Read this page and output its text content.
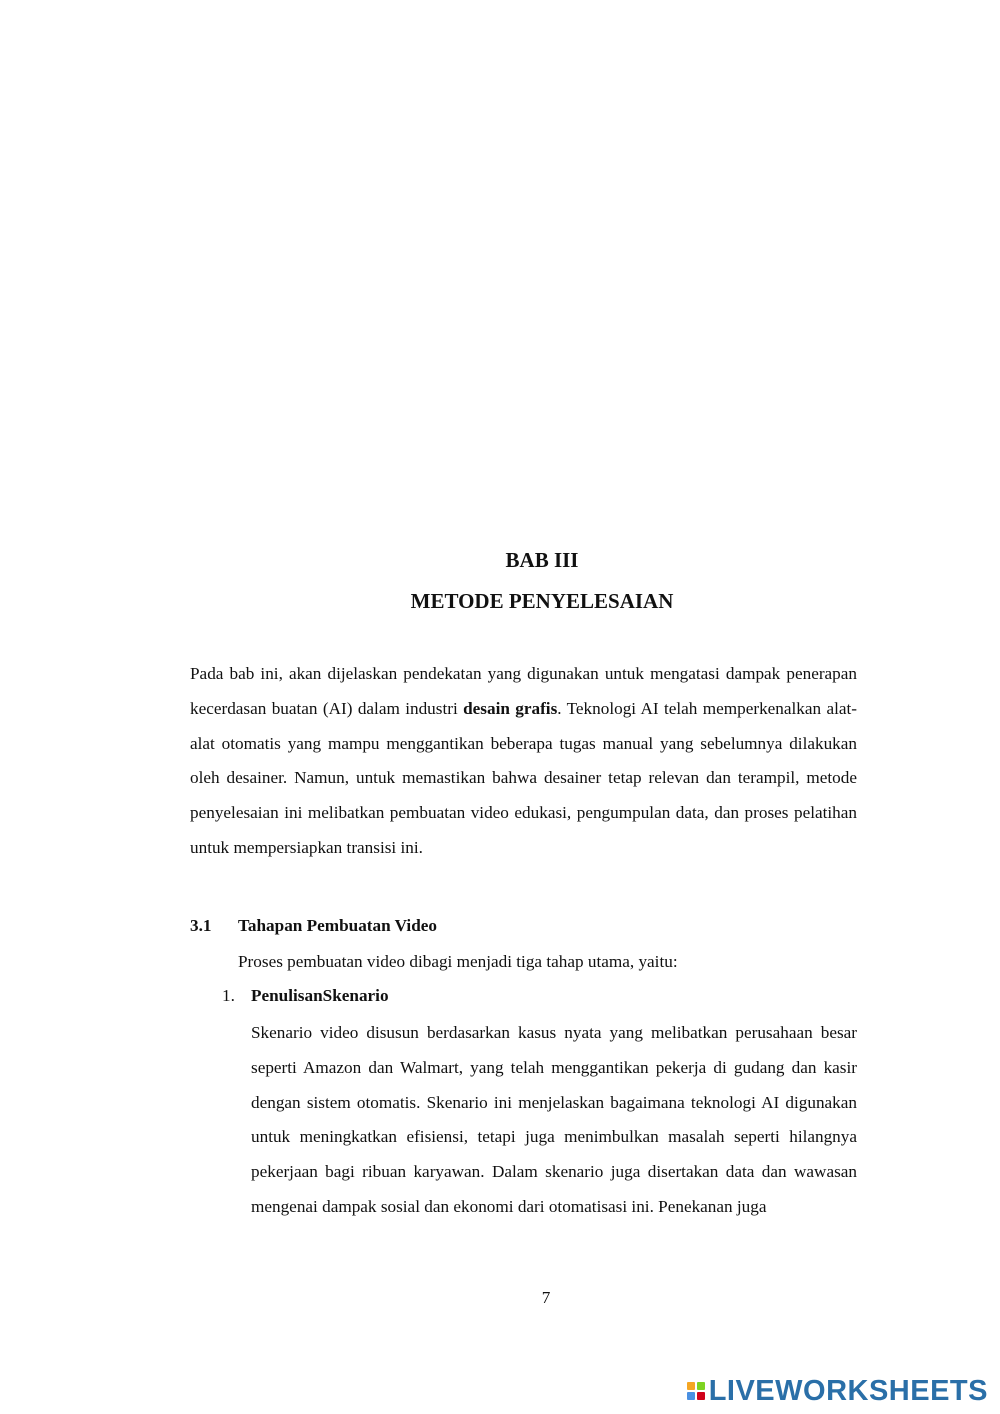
BAB III
METODE PENYELESAIAN

Pada bab ini, akan dijelaskan pendekatan yang digunakan untuk mengatasi dampak penerapan kecerdasan buatan (AI) dalam industri desain grafis. Teknologi AI telah memperkenalkan alat-alat otomatis yang mampu menggantikan beberapa tugas manual yang sebelumnya dilakukan oleh desainer. Namun, untuk memastikan bahwa desainer tetap relevan dan terampil, metode penyelesaian ini melibatkan pembuatan video edukasi, pengumpulan data, dan proses pelatihan untuk mempersiapkan transisi ini.

3.1 Tahapan Pembuatan Video

Proses pembuatan video dibagi menjadi tiga tahap utama, yaitu:

1. PenulisanSkenario

Skenario video disusun berdasarkan kasus nyata yang melibatkan perusahaan besar seperti Amazon dan Walmart, yang telah menggantikan pekerja di gudang dan kasir dengan sistem otomatis. Skenario ini menjelaskan bagaimana teknologi AI digunakan untuk meningkatkan efisiensi, tetapi juga menimbulkan masalah seperti hilangnya pekerjaan bagi ribuan karyawan. Dalam skenario juga disertakan data dan wawasan mengenai dampak sosial dan ekonomi dari otomatisasi ini. Penekanan juga

7
LIVEWORKSHEETS
